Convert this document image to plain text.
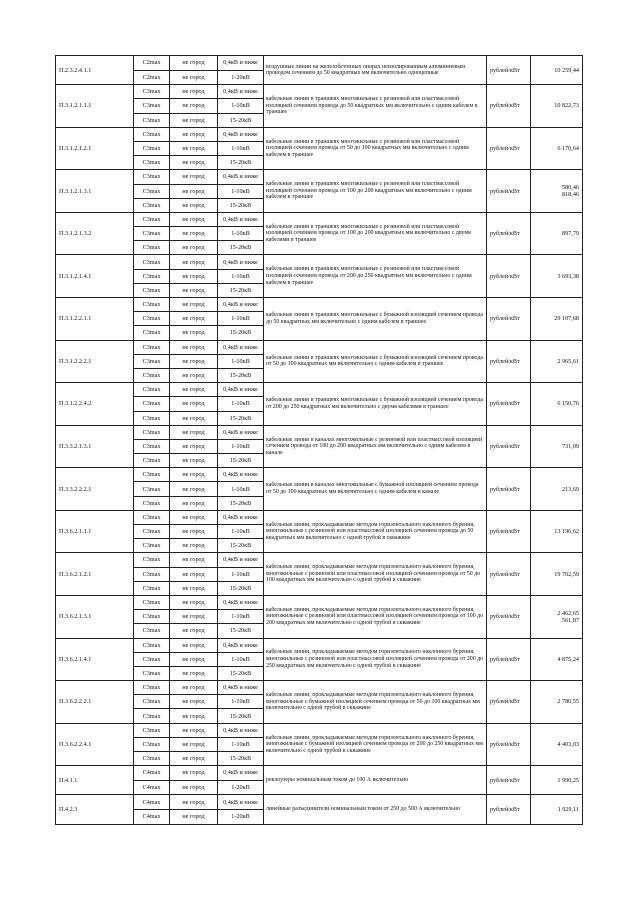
П.2.3.2.4.1.1	С2max	не город	0,4кВ и ниже	воздушные линии на железобетонных опорах неизолированным алюминиевым проводом сечением до 50 квадратных мм включительно одноцепные	рублей/кВт	10 259,44

	С2max	не город	1-20кВ			
П.3.1.2.1.1.1	С3max	не город	0,4кВ и ниже	кабельные линии в траншеях многожильные с резиновой или пластмассовой изоляцией сечением провода до 50 квадратных мм включительно с одним кабелем в траншее	рублей/кВт	10 822,73

	С3max	не город	1-10кВ			
	С3max	не город	15-20кВ			
П.3.1.2.1.2.1	С3max	не город	0,4кВ и ниже	кабельные линии в траншеях многожильные с резиновой или пластмассовой изоляцией сечением провода от 50 до 100 квадратных мм включительно с одним кабелем в траншее	рублей/кВт	6 170,64

	С3max	не город	1-10кВ			
	С3max	не город	15-20кВ			
П.3.1.2.1.3.1	С3max	не город	0,4кВ и ниже	кабельные линии в траншеях многожильные с резиновой или пластмассовой изоляцией сечением провода от 100 до 200 квадратных мм включительно с одним кабелем в траншее	рублей/кВт	580,46
818,46

	С3max	не город	1-10кВ			
	С3max	не город	15-20кВ			
П.3.1.2.1.3.2	С3max	не город	0,4кВ и ниже	кабельные линии в траншеях многожильные с резиновой или пластмассовой изоляцией сечением провода от 100 до 200 квадратных мм включительно с двумя кабелями в траншее	рублей/кВт	897,79

	С3max	не город	1-10кВ			
	С3max	не город	15-20кВ			
П.3.1.2.1.4.1	С3max	не город	0,4кВ и ниже	кабельные линии в траншеях многожильные с резиновой или пластмассовой изоляцией сечением провода от 200 до 250 квадратных мм включительно с одним кабелем в траншее	рублей/кВт	3 693,38

	С3max	не город	1-10кВ			
	С3max	не город	15-20кВ			
П.3.1.2.2.1.1	С3max	не город	0,4кВ и ниже	кабельные линии в траншеях многожильные с бумажной изоляцией сечением провода до 50 квадратных мм включительно с одним кабелем в траншее	рублей/кВт	29 107,68

	С3max	не город	1-10кВ			
	С3max	не город	15-20кВ			
П.3.1.2.2.2.1	С3max	не город	0,4кВ и ниже	кабельные линии в траншеях многожильные с бумажной изоляцией сечением провода от 50 до 100 квадратных мм включительно с одним кабелем в траншее	рублей/кВт	2 965,61

	С3max	не город	1-10кВ			
	С3max	не город	15-20кВ			
П.3.1.2.2.4.2	С3max	не город	0,4кВ и ниже	кабельные линии в траншеях многожильные с бумажной изоляцией сечением провода от 200 до 250 квадратных мм включительно с двумя кабелями в траншее	рублей/кВт	6 150,76

	С3max	не город	1-10кВ			
	С3max	не город	15-20кВ			
П.3.3.2.1.3.1	С3max	не город	0,4кВ и ниже	кабельные линии в каналах многожильные с резиновой или пластмассовой изоляцией сечением провода от 100 до 200 квадратных мм включительно с одним кабелем в канале	рублей/кВт	731,09

	С3max	не город	1-10кВ			
	С3max	не город	15-20кВ			
П.3.3.2.2.2.1	С3max	не город	0,4кВ и ниже	кабельные линии в каналах многожильные с бумажной изоляцией сечением провода от 50 до 100 квадратных мм включительно с одним кабелем в канале	рублей/кВт	213,69

	С3max	не город	1-10кВ			
	С3max	не город	15-20кВ			
П.3.6.2.1.1.1	С3max	не город	0,4кВ и ниже	кабельные линии, прокладываемые методом горизонтального наклонного бурения, многожильные с резиновой или пластмассовой изоляцией сечением провода до 50 квадратных мм включительно с одной трубой в скважине	рублей/кВт	13 196,62

	С3max	не город	1-10кВ			
	С3max	не город	15-20кВ			
П.3.6.2.1.2.1	С3max	не город	0,4кВ и ниже	кабельные линии, прокладываемые методом горизонтального наклонного бурения, многожильные с резиновой или пластмассовой изоляцией сечением провода от 50 до 100 квадратных мм включительно с одной трубой в скважине	рублей/кВт	19 702,59

	С3max	не город	1-10кВ			
	С3max	не город	15-20кВ			
П.3.6.2.1.3.1	С3max	не город	0,4кВ и ниже	кабельные линии, прокладываемые методом горизонтального наклонного бурения, многожильные с резиновой или пластмассовой изоляцией сечением провода от 100 до 200 квадратных мм включительно с одной трубой в скважине	рублей/кВт	2 462,65
561,87

	С3max	не город	1-10кВ			
	С3max	не город	15-20кВ			
П.3.6.2.1.4.1	С3max	не город	0,4кВ и ниже	кабельные линии, прокладываемые методом горизонтального наклонного бурения, многожильные с резиновой или пластмассовой изоляцией сечением провода от 200 до 250 квадратных мм включительно с одной трубой в скважине	рублей/кВт	4 875,24

	С3max	не город	1-10кВ			
	С3max	не город	15-20кВ			
П.3.6.2.2.2.1	С3max	не город	0,4кВ и ниже	кабельные линии, прокладываемые методом горизонтального наклонного бурения, многожильные с бумажной изоляцией сечением провода от 50 до 100 квадратных мм включительно с одной трубой в скважине	рублей/кВт	2 780,55

	С3max	не город	1-10кВ			
	С3max	не город	15-20кВ			
П.3.6.2.2.4.1	С3max	не город	0,4кВ и ниже	кабельные линии, прокладываемые методом горизонтального наклонного бурения, многожильные с бумажной изоляцией сечением провода от 200 до 250 квадратных мм включительно с одной трубой в скважине	рублей/кВт	4 403,03

	С3max	не город	1-10кВ			
	С3max	не город	15-20кВ			
П.4.1.1	С4max	не город	0,4кВ и ниже	реклоузеры номинальным током до 100 А включительно	рублей/кВт	1 990,25

	С4max	не город	1-20кВ			
П.4.2.3	С4max	не город	0,4кВ и ниже	линейные разъединители номинальным током от 250 до 500 А включительно	рублей/кВт	1 929,11

	С4max	не город	1-20кВ			
